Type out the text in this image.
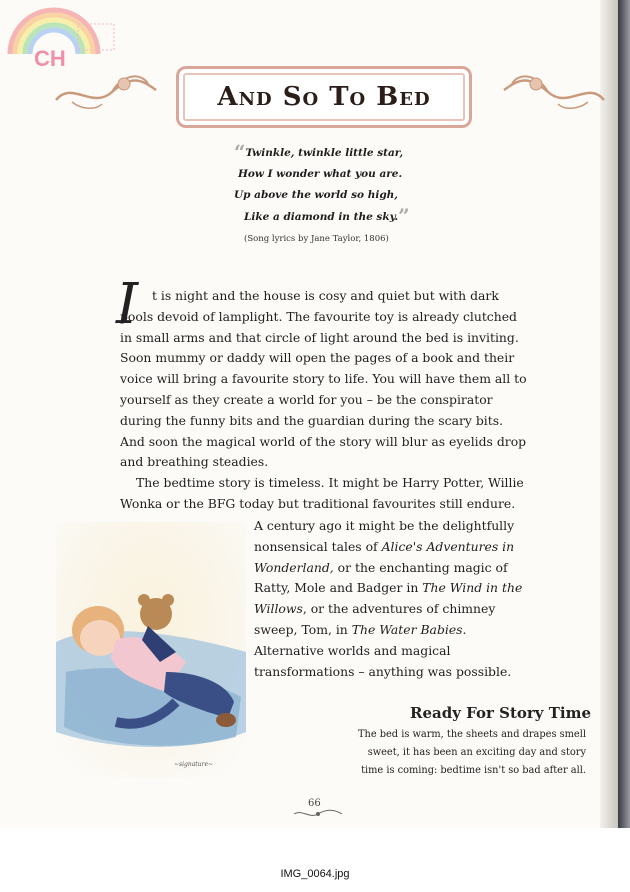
CH
And So To Bed
“Twinkle, twinkle little star,
How I wonder what you are.
Up above the world so high,
Like a diamond in the sky.”
(Song lyrics by Jane Taylor, 1806)
I	t is night and the house is cosy and quiet but with dark pools devoid of lamplight. The favourite toy is already clutched in small arms and that circle of light around the bed is inviting. Soon mummy or daddy will open the pages of a book and their voice will bring a favourite story to life. You will have them all to yourself as they create a world for you – be the conspirator during the funny bits and the guardian during the scary bits. And soon the magical world of the story will blur as eyelids drop and breathing steadies.

The bedtime story is timeless. It might be Harry Potter, Willie Wonka or the BFG today but traditional favourites still endure.

A century ago it might be the delightfully nonsensical tales of Alice's Adventures in Wonderland, or the enchanting magic of Ratty, Mole and Badger in The Wind in the Willows, or the adventures of chimney sweep, Tom, in The Water Babies. Alternative worlds and magical transformations – anything was possible.
~signature~
Ready For Story Time
The bed is warm, the sheets and drapes smell sweet, it has been an exciting day and story time is coming: bedtime isn't so bad after all.
66
IMG_0064.jpg
